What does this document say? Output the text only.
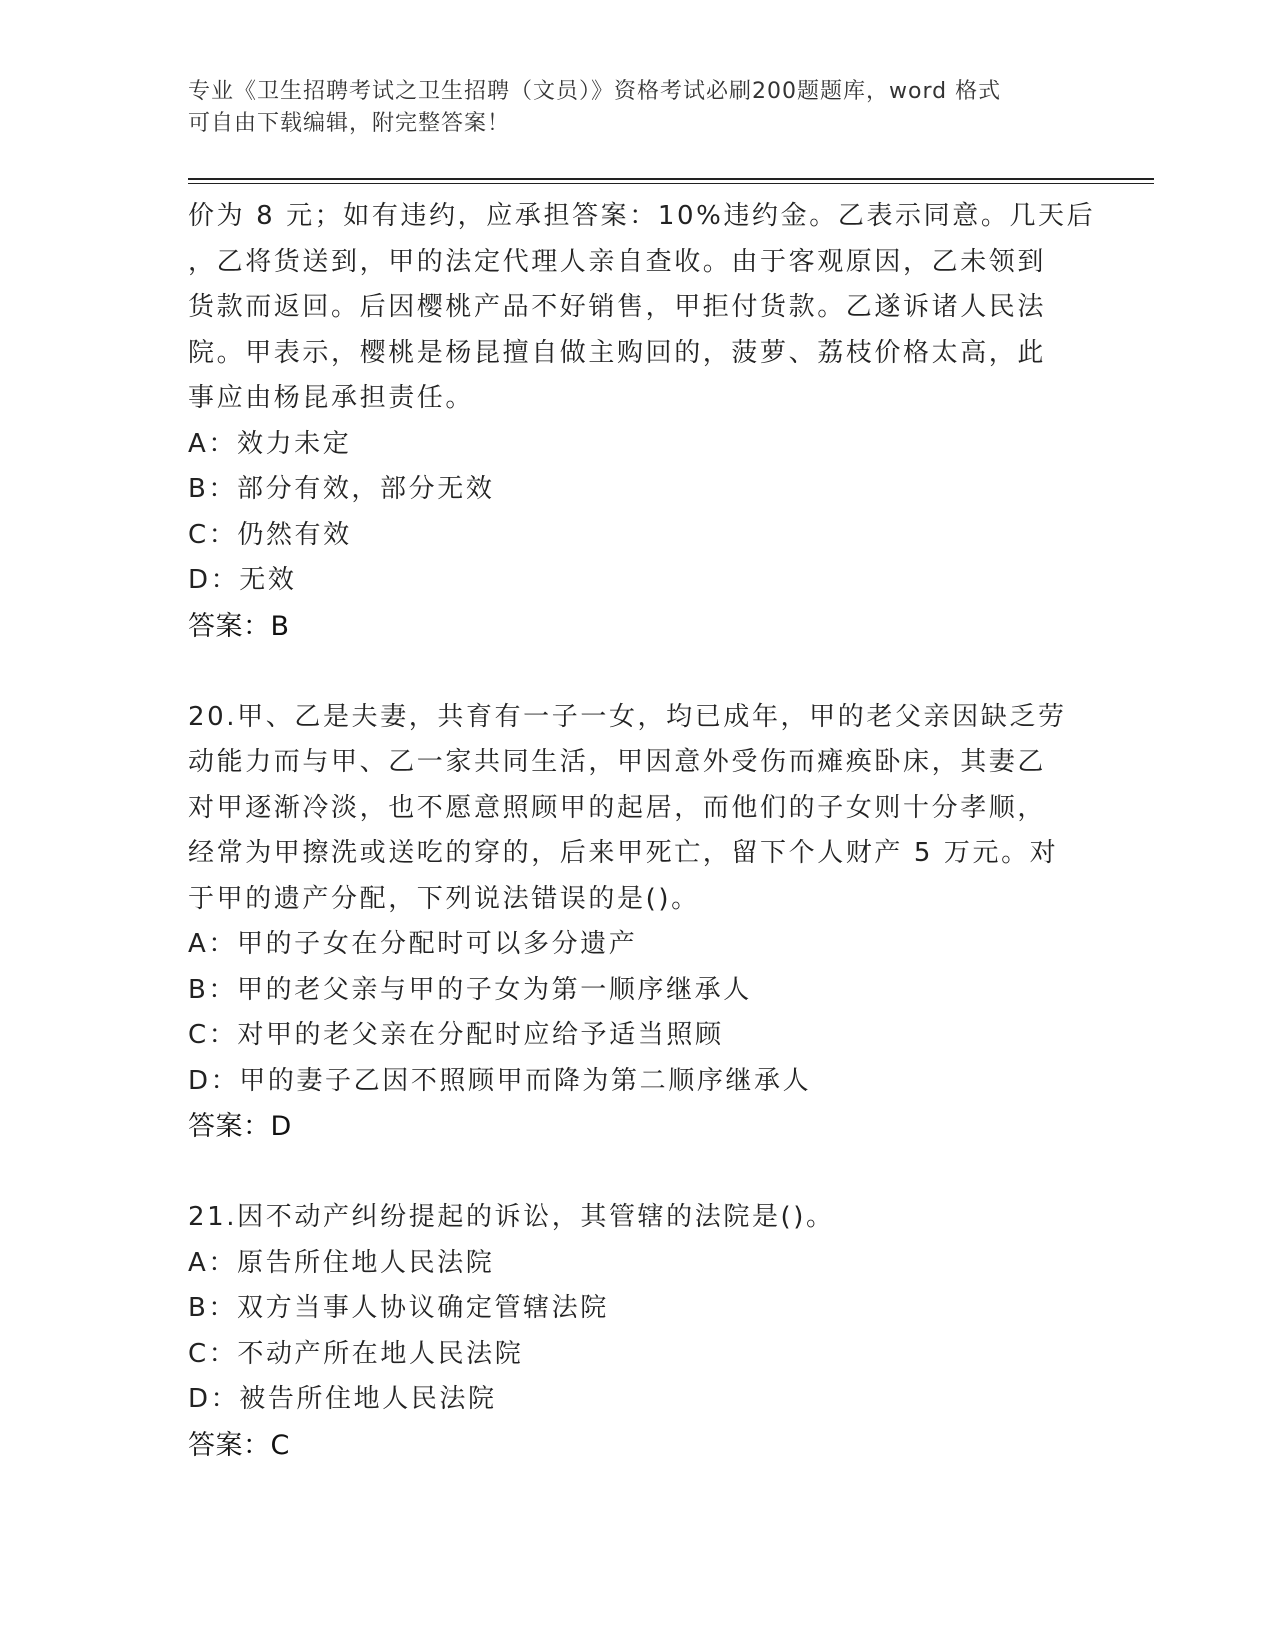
专业《卫生招聘考试之卫生招聘（文员）》资格考试必刷200题题库，word 格式
可自由下载编辑，附完整答案！
价为 8 元；如有违约，应承担答案：10%违约金。乙表示同意。几天后
，乙将货送到，甲的法定代理人亲自查收。由于客观原因，乙未领到
货款而返回。后因樱桃产品不好销售，甲拒付货款。乙遂诉诸人民法
院。甲表示，樱桃是杨昆擅自做主购回的，菠萝、荔枝价格太高，此
事应由杨昆承担责任。
A：效力未定
B：部分有效，部分无效
C：仍然有效
D：无效
答案：B
20.甲、乙是夫妻，共育有一子一女，均已成年，甲的老父亲因缺乏劳
动能力而与甲、乙一家共同生活，甲因意外受伤而瘫痪卧床，其妻乙
对甲逐渐冷淡，也不愿意照顾甲的起居，而他们的子女则十分孝顺，
经常为甲擦洗或送吃的穿的，后来甲死亡，留下个人财产 5 万元。对
于甲的遗产分配，下列说法错误的是()。
A：甲的子女在分配时可以多分遗产
B：甲的老父亲与甲的子女为第一顺序继承人
C：对甲的老父亲在分配时应给予适当照顾
D：甲的妻子乙因不照顾甲而降为第二顺序继承人
答案：D
21.因不动产纠纷提起的诉讼，其管辖的法院是()。
A：原告所住地人民法院
B：双方当事人协议确定管辖法院
C：不动产所在地人民法院
D：被告所住地人民法院
答案：C
